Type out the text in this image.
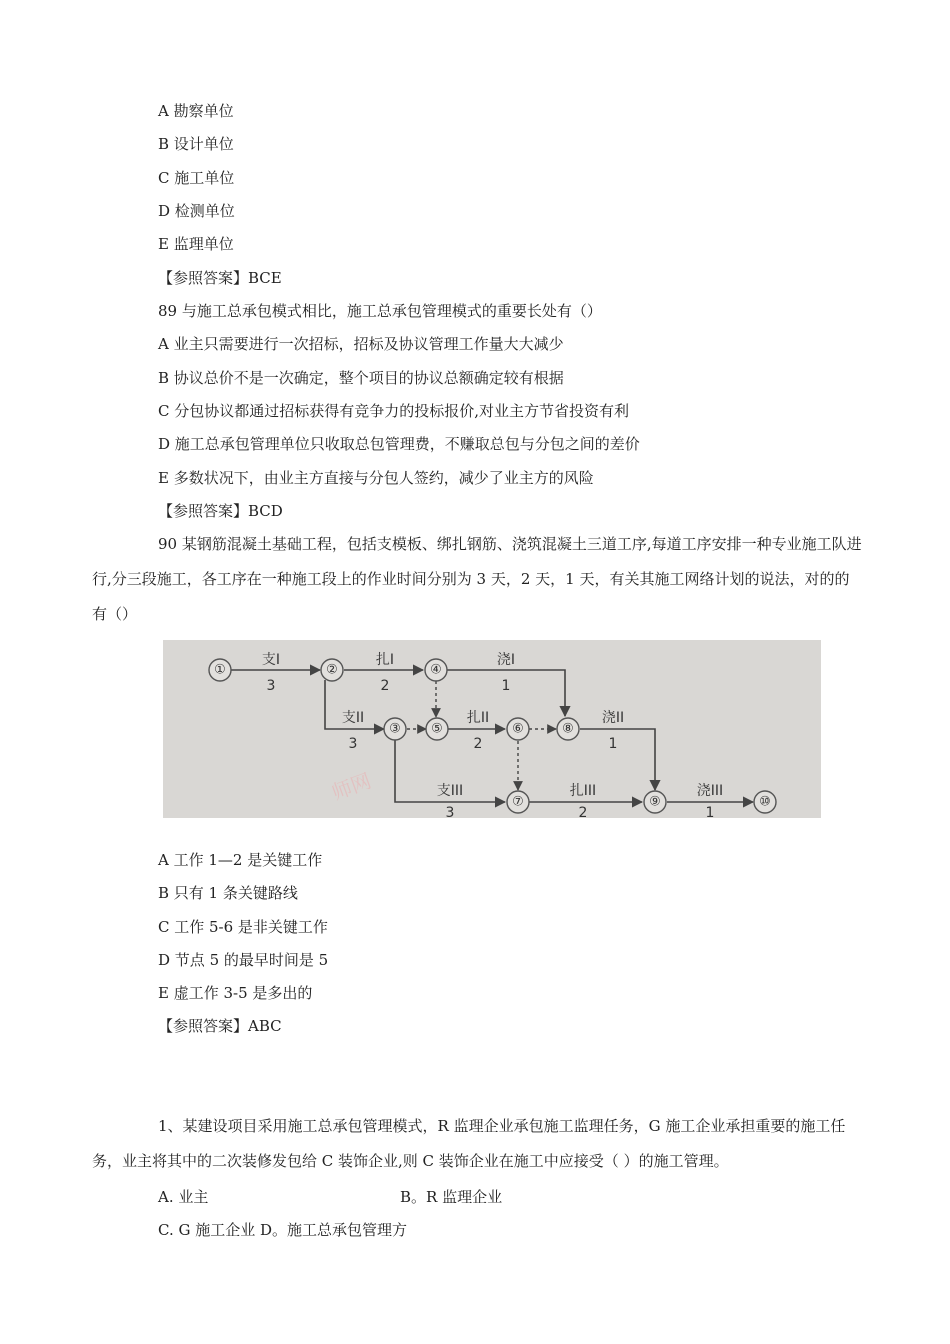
A 勘察单位
B 设计单位
C 施工单位
D 检测单位
E 监理单位
【参照答案】BCE
89 与施工总承包模式相比，施工总承包管理模式的重要长处有（）
A 业主只需要进行一次招标，招标及协议管理工作量大大减少
B 协议总价不是一次确定，整个项目的协议总额确定较有根据
C 分包协议都通过招标获得有竞争力的投标报价,对业主方节省投资有利
D 施工总承包管理单位只收取总包管理费，不赚取总包与分包之间的差价
E 多数状况下，由业主方直接与分包人签约，减少了业主方的风险
【参照答案】BCD
90 某钢筋混凝土基础工程，包括支模板、绑扎钢筋、浇筑混凝土三道工序,每道工序安排一种专业施工队进行,分三段施工，各工序在一种施工段上的作业时间分别为 3 天，2 天，1 天，有关其施工网络计划的说法，对的的有（）
支I
3
扎I
2
浇I
1
支II
3
扎II
2
浇II
1
支III
3
扎III
2
浇III
1
①	②
③
④
⑤	⑥
⑦
⑧
⑨	⑩
师网
A 工作 1—2 是关键工作
B 只有 1 条关键路线
C 工作 5-6 是非关键工作
D 节点 5 的最早时间是 5
E 虚工作 3-5 是多出的
【参照答案】ABC
1、某建设项目采用施工总承包管理模式，R 监理企业承包施工监理任务，G 施工企业承担重要的施工任务，业主将其中的二次装修发包给 C 装饰企业,则 C 装饰企业在施工中应接受（ ）的施工管理。
A. 业主	B。R 监理企业
C. G 施工企业 D。施工总承包管理方
